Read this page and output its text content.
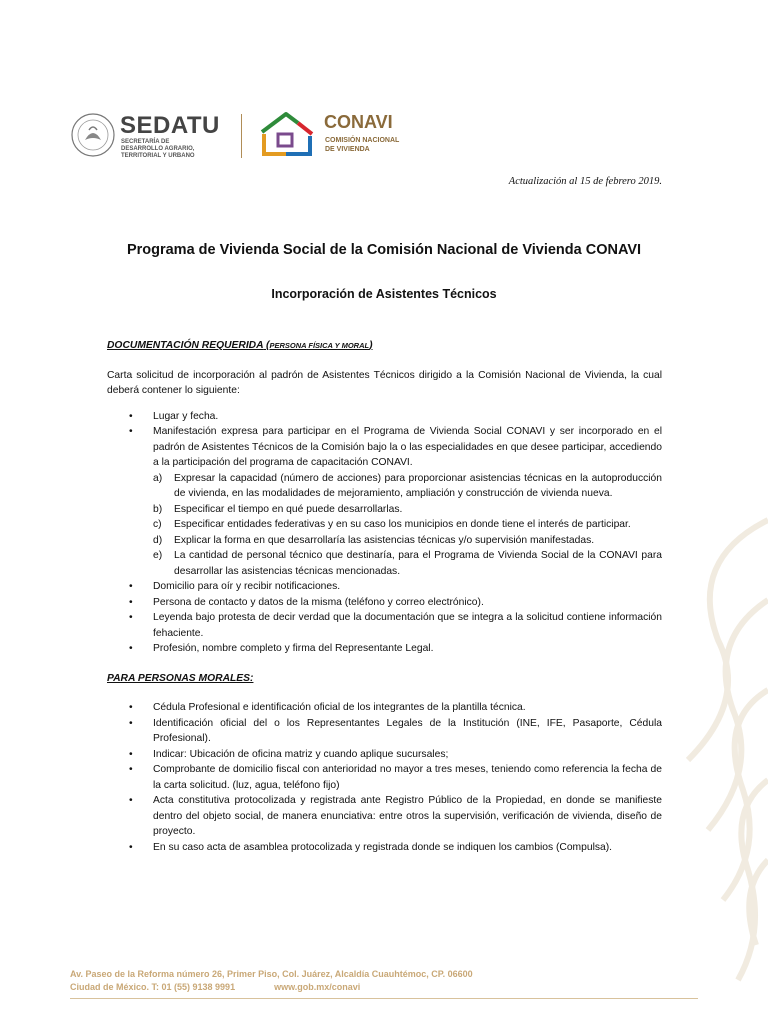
SEDATU
SECRETARÍA DE DESARROLLO AGRARIO, TERRITORIAL Y URBANO
CONAVI
COMISIÓN NACIONAL
DE VIVIENDA
Actualización al 15 de febrero 2019.
Programa de Vivienda Social de la Comisión Nacional de Vivienda CONAVI
Incorporación de Asistentes Técnicos

DOCUMENTACIÓN REQUERIDA (PERSONA FÍSICA Y MORAL)

Carta solicitud de incorporación al padrón de Asistentes Técnicos dirigido a la Comisión Nacional de Vivienda, la cual deberá contener lo siguiente:

• Lugar y fecha.
• Manifestación expresa para participar en el Programa de Vivienda Social CONAVI y ser incorporado en el padrón de Asistentes Técnicos de la Comisión bajo la o las especialidades en que desee participar, accediendo a la participación del programa de capacitación CONAVI.
a) Expresar la capacidad (número de acciones) para proporcionar asistencias técnicas en la autoproducción de vivienda, en las modalidades de mejoramiento, ampliación y construcción de vivienda nueva.
b) Especificar el tiempo en qué puede desarrollarlas.
c) Especificar entidades federativas y en su caso los municipios en donde tiene el interés de participar.
d) Explicar la forma en que desarrollaría las asistencias técnicas y/o supervisión manifestadas.
e) La cantidad de personal técnico que destinaría, para el Programa de Vivienda Social de la CONAVI para desarrollar las asistencias técnicas mencionadas.
• Domicilio para oír y recibir notificaciones.
• Persona de contacto y datos de la misma (teléfono y correo electrónico).
• Leyenda bajo protesta de decir verdad que la documentación que se integra a la solicitud contiene información fehaciente.
• Profesión, nombre completo y firma del Representante Legal.

PARA PERSONAS MORALES:

• Cédula Profesional e identificación oficial de los integrantes de la plantilla técnica.
• Identificación oficial del o los Representantes Legales de la Institución (INE, IFE, Pasaporte, Cédula Profesional).
• Indicar: Ubicación de oficina matriz y cuando aplique sucursales;
• Comprobante de domicilio fiscal con anterioridad no mayor a tres meses, teniendo como referencia la fecha de la carta solicitud. (luz, agua, teléfono fijo)
• Acta constitutiva protocolizada y registrada ante Registro Público de la Propiedad, en donde se manifieste dentro del objeto social, de manera enunciativa: entre otros la supervisión, verificación de vivienda, diseño de proyecto.
• En su caso acta de asamblea protocolizada y registrada donde se indiquen los cambios (Compulsa).
Av. Paseo de la Reforma número 26, Primer Piso, Col. Juárez, Alcaldía Cuauhtémoc, CP. 06600
Ciudad de México. T: 01 (55) 9138 9991	www.gob.mx/conavi
